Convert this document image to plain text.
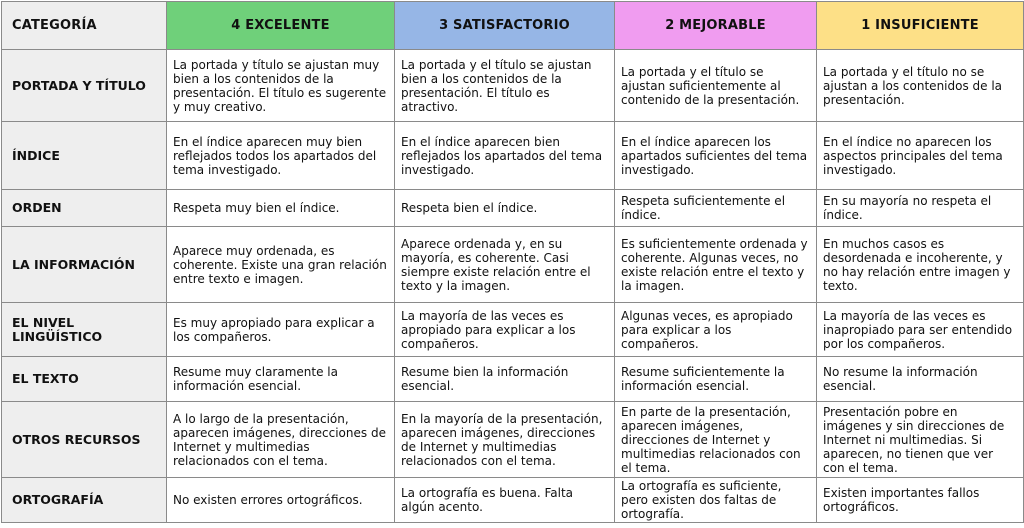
CATEGORÍA	4 EXCELENTE	3 SATISFACTORIO	2 MEJORABLE	1 INSUFICIENTE
PORTADA Y TÍTULO	La portada y título se ajustan muy bien a los contenidos de la presentación. El título es sugerente y muy creativo.	La portada y el título se ajustan bien a los contenidos de la presentación. El título es atractivo.	La portada y el título se ajustan suficientemente al contenido de la presentación.	La portada y el título no se ajustan a los contenidos de la presentación.
ÍNDICE	En el índice aparecen muy bien reflejados todos los apartados del tema investigado.	En el índice aparecen bien reflejados los apartados del tema investigado.	En el índice aparecen los apartados suficientes del tema investigado.	En el índice no aparecen los aspectos principales del tema investigado.
ORDEN	Respeta muy bien el índice.	Respeta bien el índice.	Respeta suficientemente el índice.	En su mayoría no respeta el índice.
LA INFORMACIÓN	Aparece muy ordenada, es coherente. Existe una gran relación entre texto e imagen.	Aparece ordenada y, en su mayoría, es coherente. Casi siempre existe relación entre el texto y la imagen.	Es suficientemente ordenada y coherente. Algunas veces, no existe relación entre el texto y la imagen.	En muchos casos es desordenada e incoherente, y no hay relación entre imagen y texto.
EL NIVEL LINGÜÍSTICO	Es muy apropiado para explicar a los compañeros.	La mayoría de las veces es apropiado para explicar a los compañeros.	Algunas veces, es apropiado para explicar a los compañeros.	La mayoría de las veces es inapropiado para ser entendido por los compañeros.
EL TEXTO	Resume muy claramente la información esencial.	Resume bien la información esencial.	Resume suficientemente la información esencial.	No resume la información esencial.
OTROS RECURSOS	A lo largo de la presentación, aparecen imágenes, direcciones de Internet y multimedias relacionados con el tema.	En la mayoría de la presentación, aparecen imágenes, direcciones de Internet y multimedias relacionados con el tema.	En parte de la presentación, aparecen imágenes, direcciones de Internet y multimedias relacionados con el tema.	Presentación pobre en imágenes y sin direcciones de Internet ni multimedias. Si aparecen, no tienen que ver con el tema.
ORTOGRAFÍA	No existen errores ortográficos.	La ortografía es buena. Falta algún acento.	La ortografía es suficiente, pero existen dos faltas de ortografía.	Existen importantes fallos ortográficos.
